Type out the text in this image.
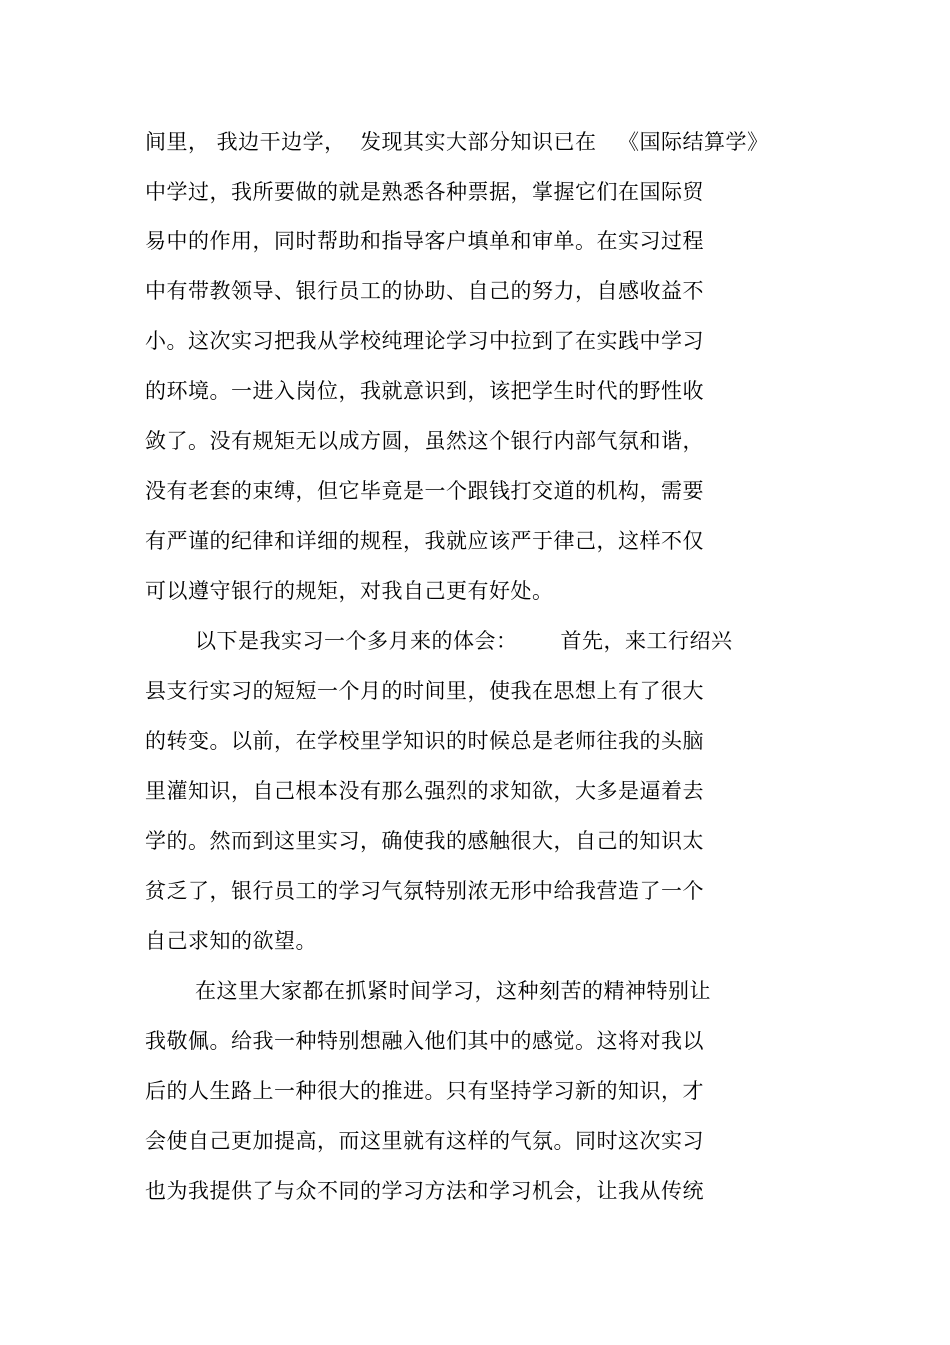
间里， 我边干边学，  发现其实大部分知识已在   《国际结算学》
中学过，我所要做的就是熟悉各种票据，掌握它们在国际贸
易中的作用，同时帮助和指导客户填单和审单。在实习过程
中有带教领导、银行员工的协助、自己的努力，自感收益不
小。这次实习把我从学校纯理论学习中拉到了在实践中学习
的环境。一进入岗位，我就意识到，该把学生时代的野性收
敛了。没有规矩无以成方圆，虽然这个银行内部气氛和谐，
没有老套的束缚，但它毕竟是一个跟钱打交道的机构，需要
有严谨的纪律和详细的规程，我就应该严于律己，这样不仅
可以遵守银行的规矩，对我自己更有好处。
以下是我实习一个多月来的体会：      首先，来工行绍兴
县支行实习的短短一个月的时间里，使我在思想上有了很大
的转变。以前，在学校里学知识的时候总是老师往我的头脑
里灌知识，自己根本没有那么强烈的求知欲，大多是逼着去
学的。然而到这里实习，确使我的感触很大，自己的知识太
贫乏了，银行员工的学习气氛特别浓无形中给我营造了一个
自己求知的欲望。
在这里大家都在抓紧时间学习，这种刻苦的精神特别让
我敬佩。给我一种特别想融入他们其中的感觉。这将对我以
后的人生路上一种很大的推进。只有坚持学习新的知识，才
会使自己更加提高，而这里就有这样的气氛。同时这次实习
也为我提供了与众不同的学习方法和学习机会，让我从传统
